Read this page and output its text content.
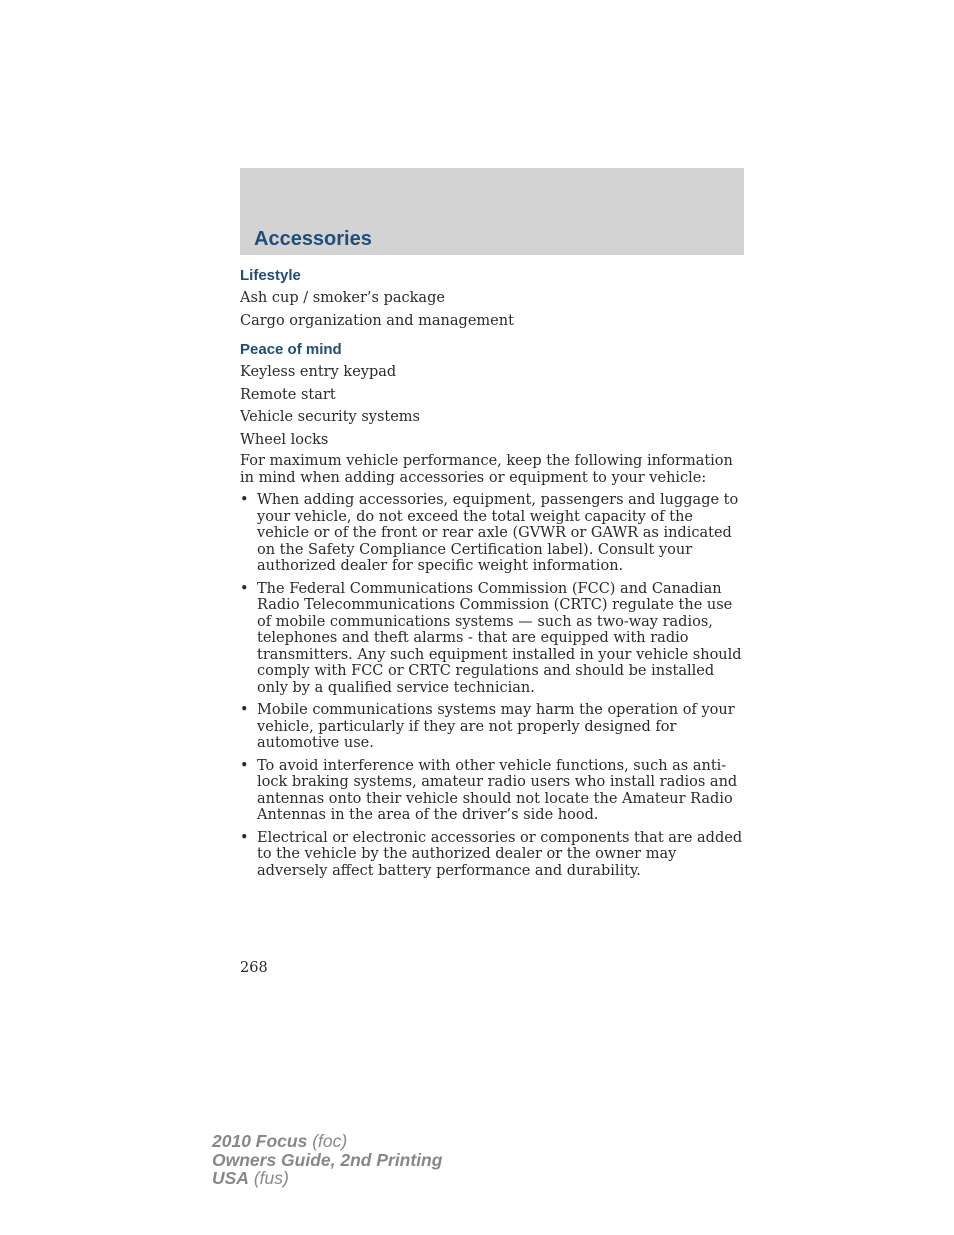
Accessories
Lifestyle

Ash cup / smoker’s package

Cargo organization and management

Peace of mind

Keyless entry keypad

Remote start

Vehicle security systems

Wheel locks

For maximum vehicle performance, keep the following information in mind when adding accessories or equipment to your vehicle:

• When adding accessories, equipment, passengers and luggage to your vehicle, do not exceed the total weight capacity of the vehicle or of the front or rear axle (GVWR or GAWR as indicated on the Safety Compliance Certification label). Consult your authorized dealer for specific weight information.
• The Federal Communications Commission (FCC) and Canadian Radio Telecommunications Commission (CRTC) regulate the use of mobile communications systems — such as two-way radios, telephones and theft alarms - that are equipped with radio transmitters. Any such equipment installed in your vehicle should comply with FCC or CRTC regulations and should be installed only by a qualified service technician.
• Mobile communications systems may harm the operation of your vehicle, particularly if they are not properly designed for automotive use.
• To avoid interference with other vehicle functions, such as anti-lock braking systems, amateur radio users who install radios and antennas onto their vehicle should not locate the Amateur Radio Antennas in the area of the driver’s side hood.
• Electrical or electronic accessories or components that are added to the vehicle by the authorized dealer or the owner may adversely affect battery performance and durability.
268
2010 Focus (foc)
Owners Guide, 2nd Printing
USA (fus)
